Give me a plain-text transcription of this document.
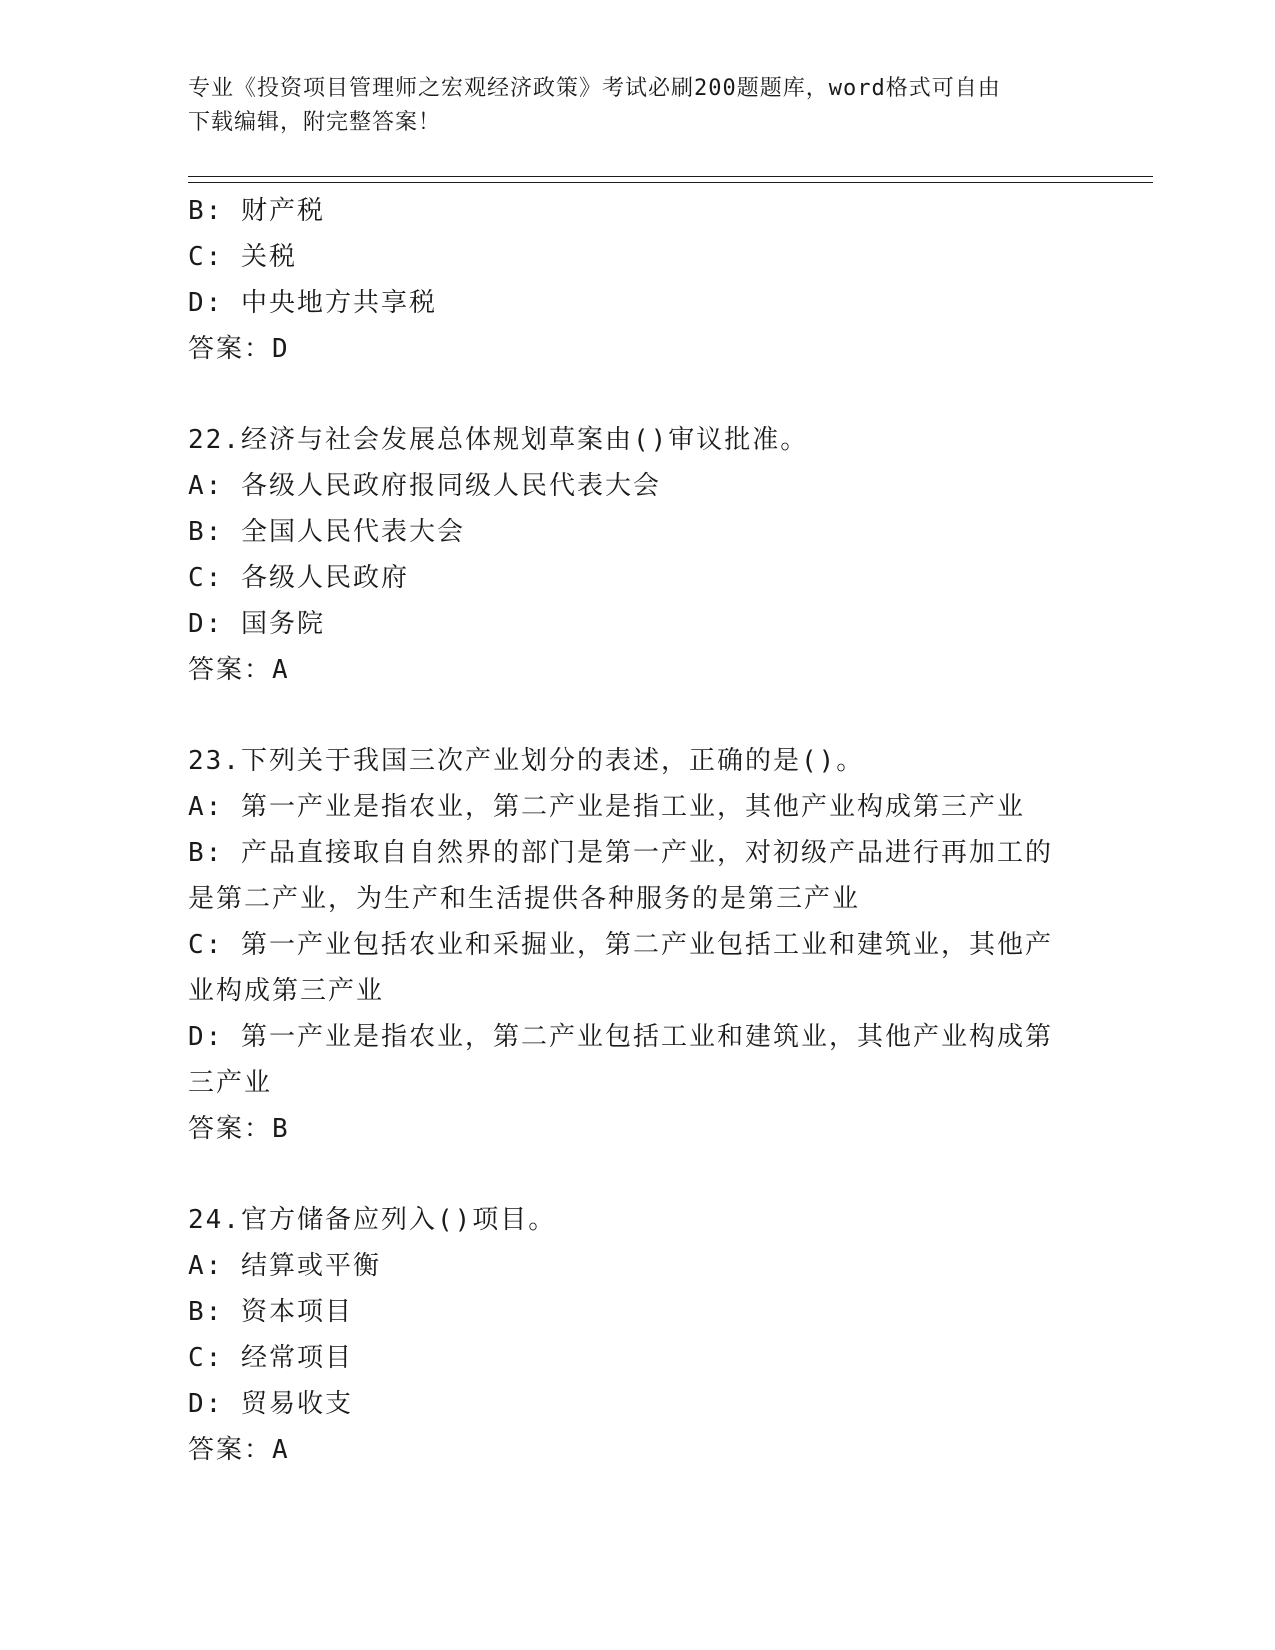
专业《投资项目管理师之宏观经济政策》考试必刷200题题库，word格式可自由
下载编辑，附完整答案！
B: 财产税
C: 关税
D: 中央地方共享税
答案：D
22.经济与社会发展总体规划草案由()审议批准。
A: 各级人民政府报同级人民代表大会
B: 全国人民代表大会
C: 各级人民政府
D: 国务院
答案：A
23.下列关于我国三次产业划分的表述，正确的是()。
A: 第一产业是指农业，第二产业是指工业，其他产业构成第三产业
B: 产品直接取自自然界的部门是第一产业，对初级产品进行再加工的是第二产业，为生产和生活提供各种服务的是第三产业
C: 第一产业包括农业和采掘业，第二产业包括工业和建筑业，其他产业构成第三产业
D: 第一产业是指农业，第二产业包括工业和建筑业，其他产业构成第三产业
答案：B
24.官方储备应列入()项目。
A: 结算或平衡
B: 资本项目
C: 经常项目
D: 贸易收支
答案：A
